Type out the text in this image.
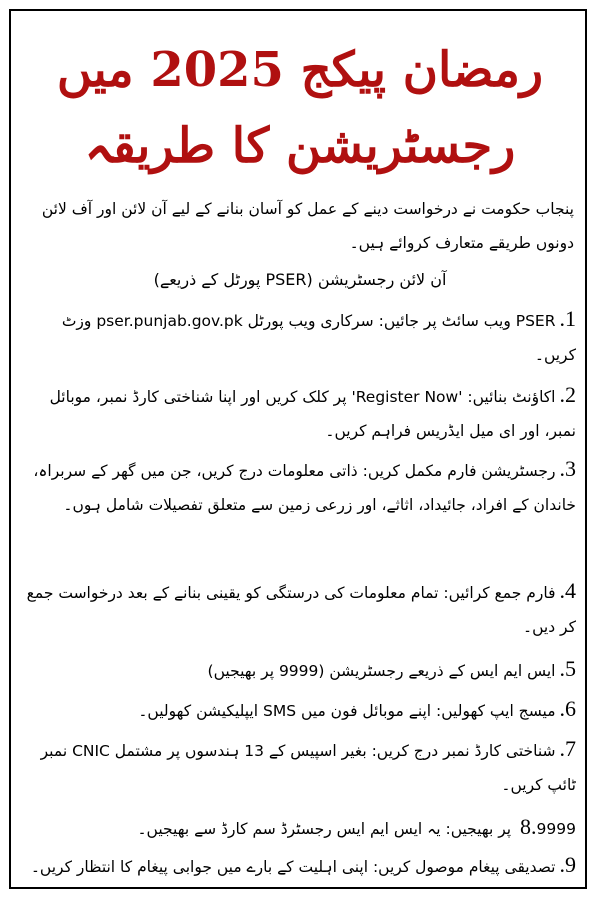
رمضان پیکج 2025 میں
رجسٹریشن کا طریقہ
پنجاب حکومت نے درخواست دینے کے عمل کو آسان بنانے کے لیے آن لائن اور آف لائن دونوں طریقے متعارف کروائے ہیں۔
آن لائن رجسٹریشن (PSER پورٹل کے ذریعے)
1.PSER ویب سائٹ پر جائیں: سرکاری ویب پورٹل pser.punjab.gov.pk وزٹ کریں۔
2.اکاؤنٹ بنائیں: 'Register Now' پر کلک کریں اور اپنا شناختی کارڈ نمبر، موبائل نمبر، اور ای میل ایڈریس فراہم کریں۔
3.رجسٹریشن فارم مکمل کریں: ذاتی معلومات درج کریں، جن میں گھر کے سربراہ، خاندان کے افراد، جائیداد، اثاثے، اور زرعی زمین سے متعلق تفصیلات شامل ہوں۔
4.فارم جمع کرائیں: تمام معلومات کی درستگی کو یقینی بنانے کے بعد درخواست جمع کر دیں۔
5.ایس ایم ایس کے ذریعے رجسٹریشن (9999 پر بھیجیں)
6.میسج ایپ کھولیں: اپنے موبائل فون میں SMS ایپلیکیشن کھولیں۔
7.شناختی کارڈ نمبر درج کریں: بغیر اسپیس کے 13 ہندسوں پر مشتمل CNIC نمبر ٹائپ کریں۔
8.9999 پر بھیجیں: یہ ایس ایم ایس رجسٹرڈ سم کارڈ سے بھیجیں۔
9.تصدیقی پیغام موصول کریں: اپنی اہلیت کے بارے میں جوابی پیغام کا انتظار کریں۔
